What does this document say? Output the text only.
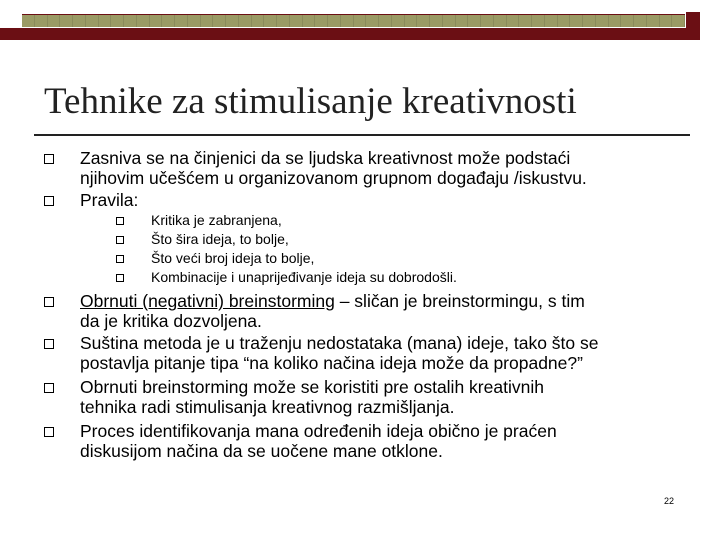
Tehnike za stimulisanje kreativnosti
Zasniva se na činjenici da se ljudska kreativnost može podstaći
njihovim učešćem u organizovanom grupnom događaju /iskustvu.
Pravila:
Kritika je zabranjena,
Što šira ideja, to bolje,
Što veći broj ideja to bolje,
Kombinacije i unaprijeđivanje ideja su dobrodošli.
Obrnuti (negativni) breinstorming – sličan je breinstormingu, s tim
da je kritika dozvoljena.
Suština metoda je u traženju nedostataka (mana) ideje, tako što se
postavlja pitanje tipa “na koliko načina ideja može da propadne?”
Obrnuti breinstorming može se koristiti pre ostalih kreativnih
tehnika radi stimulisanja kreativnog razmišljanja.
Proces identifikovanja mana određenih ideja obično je praćen
diskusijom načina da se uočene mane otklone.
22
